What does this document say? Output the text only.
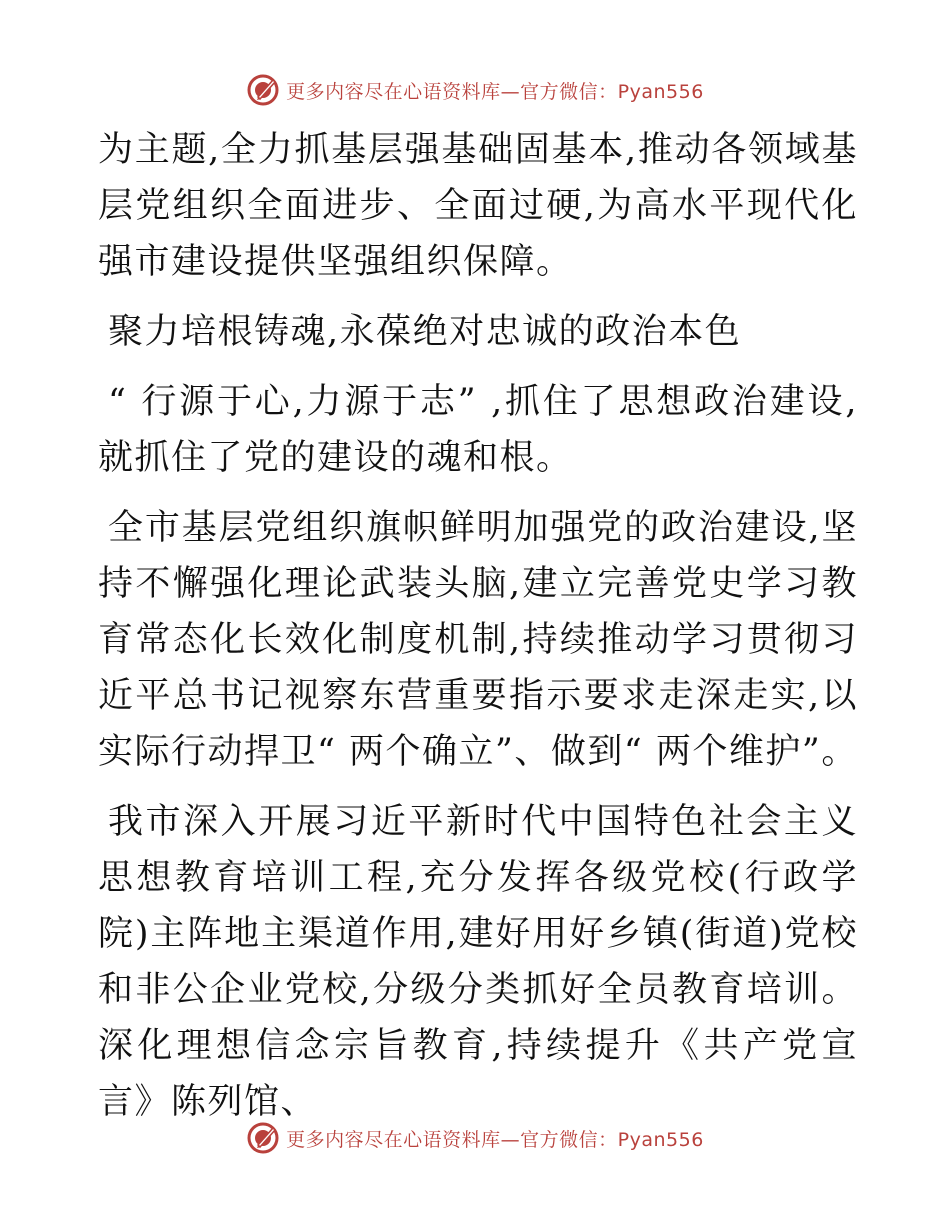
更多内容尽在心语资料库—官方微信：Pyan556

为主题,全力抓基层强基础固基本,推动各领域基层党组织全面进步、全面过硬,为高水平现代化强市建设提供坚强组织保障。

聚力培根铸魂,永葆绝对忠诚的政治本色

“ 行源于心,力源于志” ,抓住了思想政治建设,就抓住了党的建设的魂和根。

全市基层党组织旗帜鲜明加强党的政治建设,坚持不懈强化理论武装头脑,建立完善党史学习教育常态化长效化制度机制,持续推动学习贯彻习近平总书记视察东营重要指示要求走深走实,以实际行动捍卫“ 两个确立”、做到“ 两个维护”。

我市深入开展习近平新时代中国特色社会主义思想教育培训工程,充分发挥各级党校(行政学院)主阵地主渠道作用,建好用好乡镇(街道)党校和非公企业党校,分级分类抓好全员教育培训。深化理想信念宗旨教育,持续提升《共产党宣言》陈列馆、

更多内容尽在心语资料库—官方微信：Pyan556
